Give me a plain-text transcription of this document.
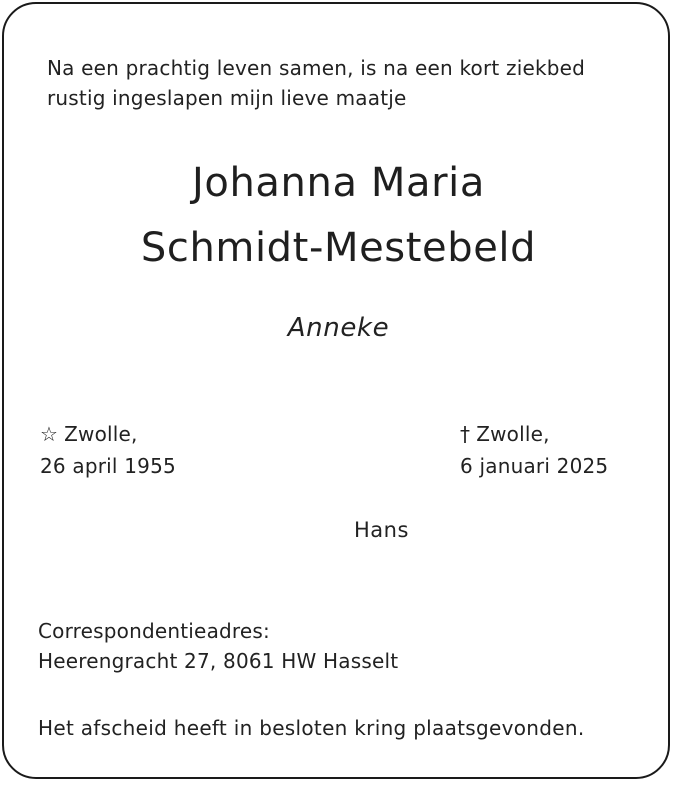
Na een prachtig leven samen, is na een kort ziekbed
rustig ingeslapen mijn lieve maatje
Johanna Maria
Schmidt-Mestebeld
Anneke
☆ Zwolle,
26 april 1955
† Zwolle,
6 januari 2025
Hans
Correspondentieadres:
Heerengracht 27, 8061 HW Hasselt
Het afscheid heeft in besloten kring plaatsgevonden.
